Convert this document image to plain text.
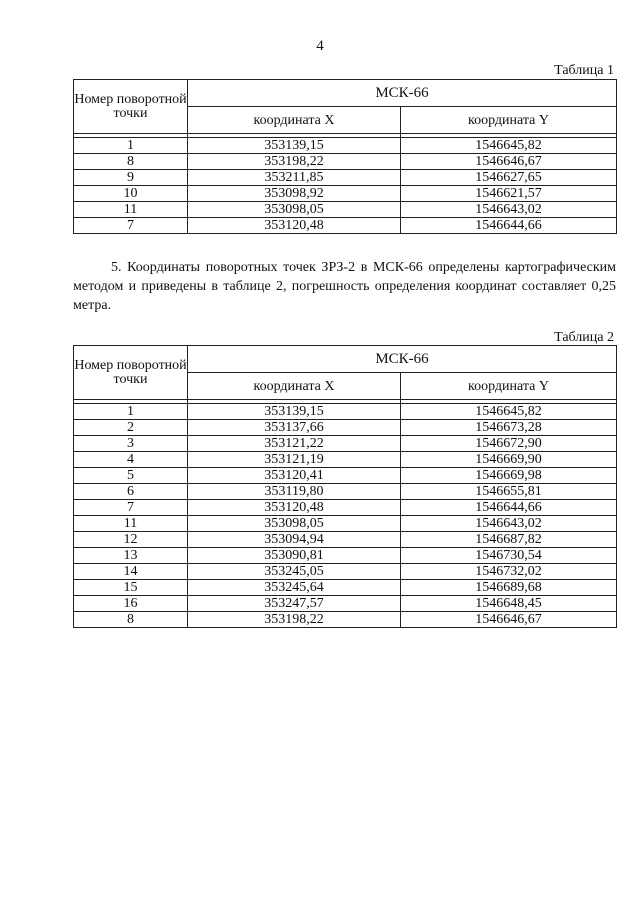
4
Таблица 1
Номер поворотной точки	МСК-66	
	координата X	координата Y

1	353139,15	1546645,82
8	353198,22	1546646,67
9	353211,85	1546627,65
10	353098,92	1546621,57
11	353098,05	1546643,02
7	353120,48	1546644,66
5. Координаты поворотных точек ЗРЗ-2 в МСК-66 определены картографическим методом и приведены в таблице 2, погрешность определения координат составляет 0,25 метра.
Таблица 2
Номер поворотной точки	МСК-66	
	координата X	координата Y

1	353139,15	1546645,82
2	353137,66	1546673,28
3	353121,22	1546672,90
4	353121,19	1546669,90
5	353120,41	1546669,98
6	353119,80	1546655,81
7	353120,48	1546644,66
11	353098,05	1546643,02
12	353094,94	1546687,82
13	353090,81	1546730,54
14	353245,05	1546732,02
15	353245,64	1546689,68
16	353247,57	1546648,45
8	353198,22	1546646,67
